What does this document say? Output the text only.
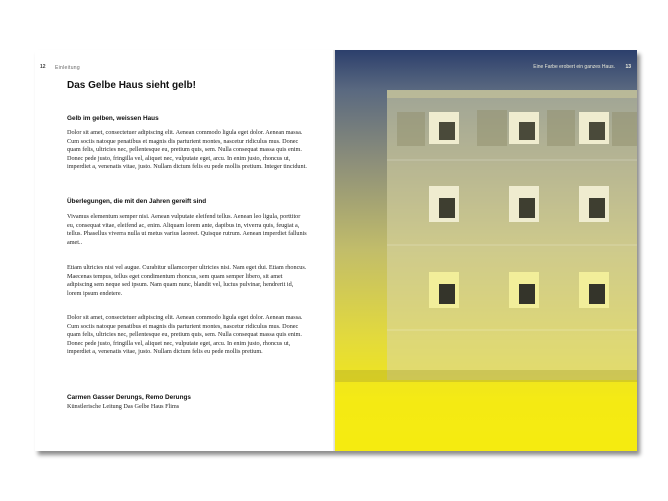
12 Einleitung
Das Gelbe Haus sieht gelb!
Gelb im gelben, weissen Haus

Dolor sit amet, consectetuer adipiscing elit. Aenean commodo ligula eget dolor. Aenean massa. Cum sociis natoque penatibus et magnis dis parturient montes, nascetur ridiculus mus. Donec quam felis, ultricies nec, pellentesque eu, pretium quis, sem. Nulla consequat massa quis enim. Donec pede justo, fringilla vel, aliquet nec, vulputate eget, arcu. In enim justo, rhoncus ut, imperdiet a, venenatis vitae, justo. Nullam dictum felis eu pede mollis pretium. Integer tincidunt.

Überlegungen, die mit den Jahren gereift sind

Vivamus elementum semper nisi. Aenean vulputate eleifend tellus. Aenean leo ligula, porttitor eu, consequat vitae, eleifend ac, enim. Aliquam lorem ante, dapibus in, viverra quis, feugiat a, tellus. Phasellus viverra nulla ut metus varius laoreet. Quisque rutrum. Aenean imperdiet fallunis amet..

Etiam ultricies nisi vel augue. Curabitur ullamcorper ultricies nisi. Nam eget dui. Etiam rhoncus. Maecenas tempus, tellus eget condimentum rhoncus, sem quam semper libero, sit amet adipiscing sem neque sed ipsum. Nam quam nunc, blandit vel, luctus pulvinar, hendrerit id, lorem ipsum endetere.

Dolor sit amet, consectetuer adipiscing elit. Aenean commodo ligula eget dolor. Aenean massa. Cum sociis natoque penatibus et magnis dis parturient montes, nascetur ridiculus mus. Donec quam felis, ultricies nec, pellentesque eu, pretium quis, sem. Nulla consequat massa quis enim. Donec pede justo, fringilla vel, aliquet nec, vulputate eget, arcu. In enim justo, rhoncus ut, imperdiet a, venenatis vitae, justo. Nullam dictum felis eu pede mollis pretium.

Carmen Gasser Derungs, Remo Derungs
Künstlerische Leitung Das Gelbe Haus Flims
Eine Farbe erobert ein ganzes Haus. 13
